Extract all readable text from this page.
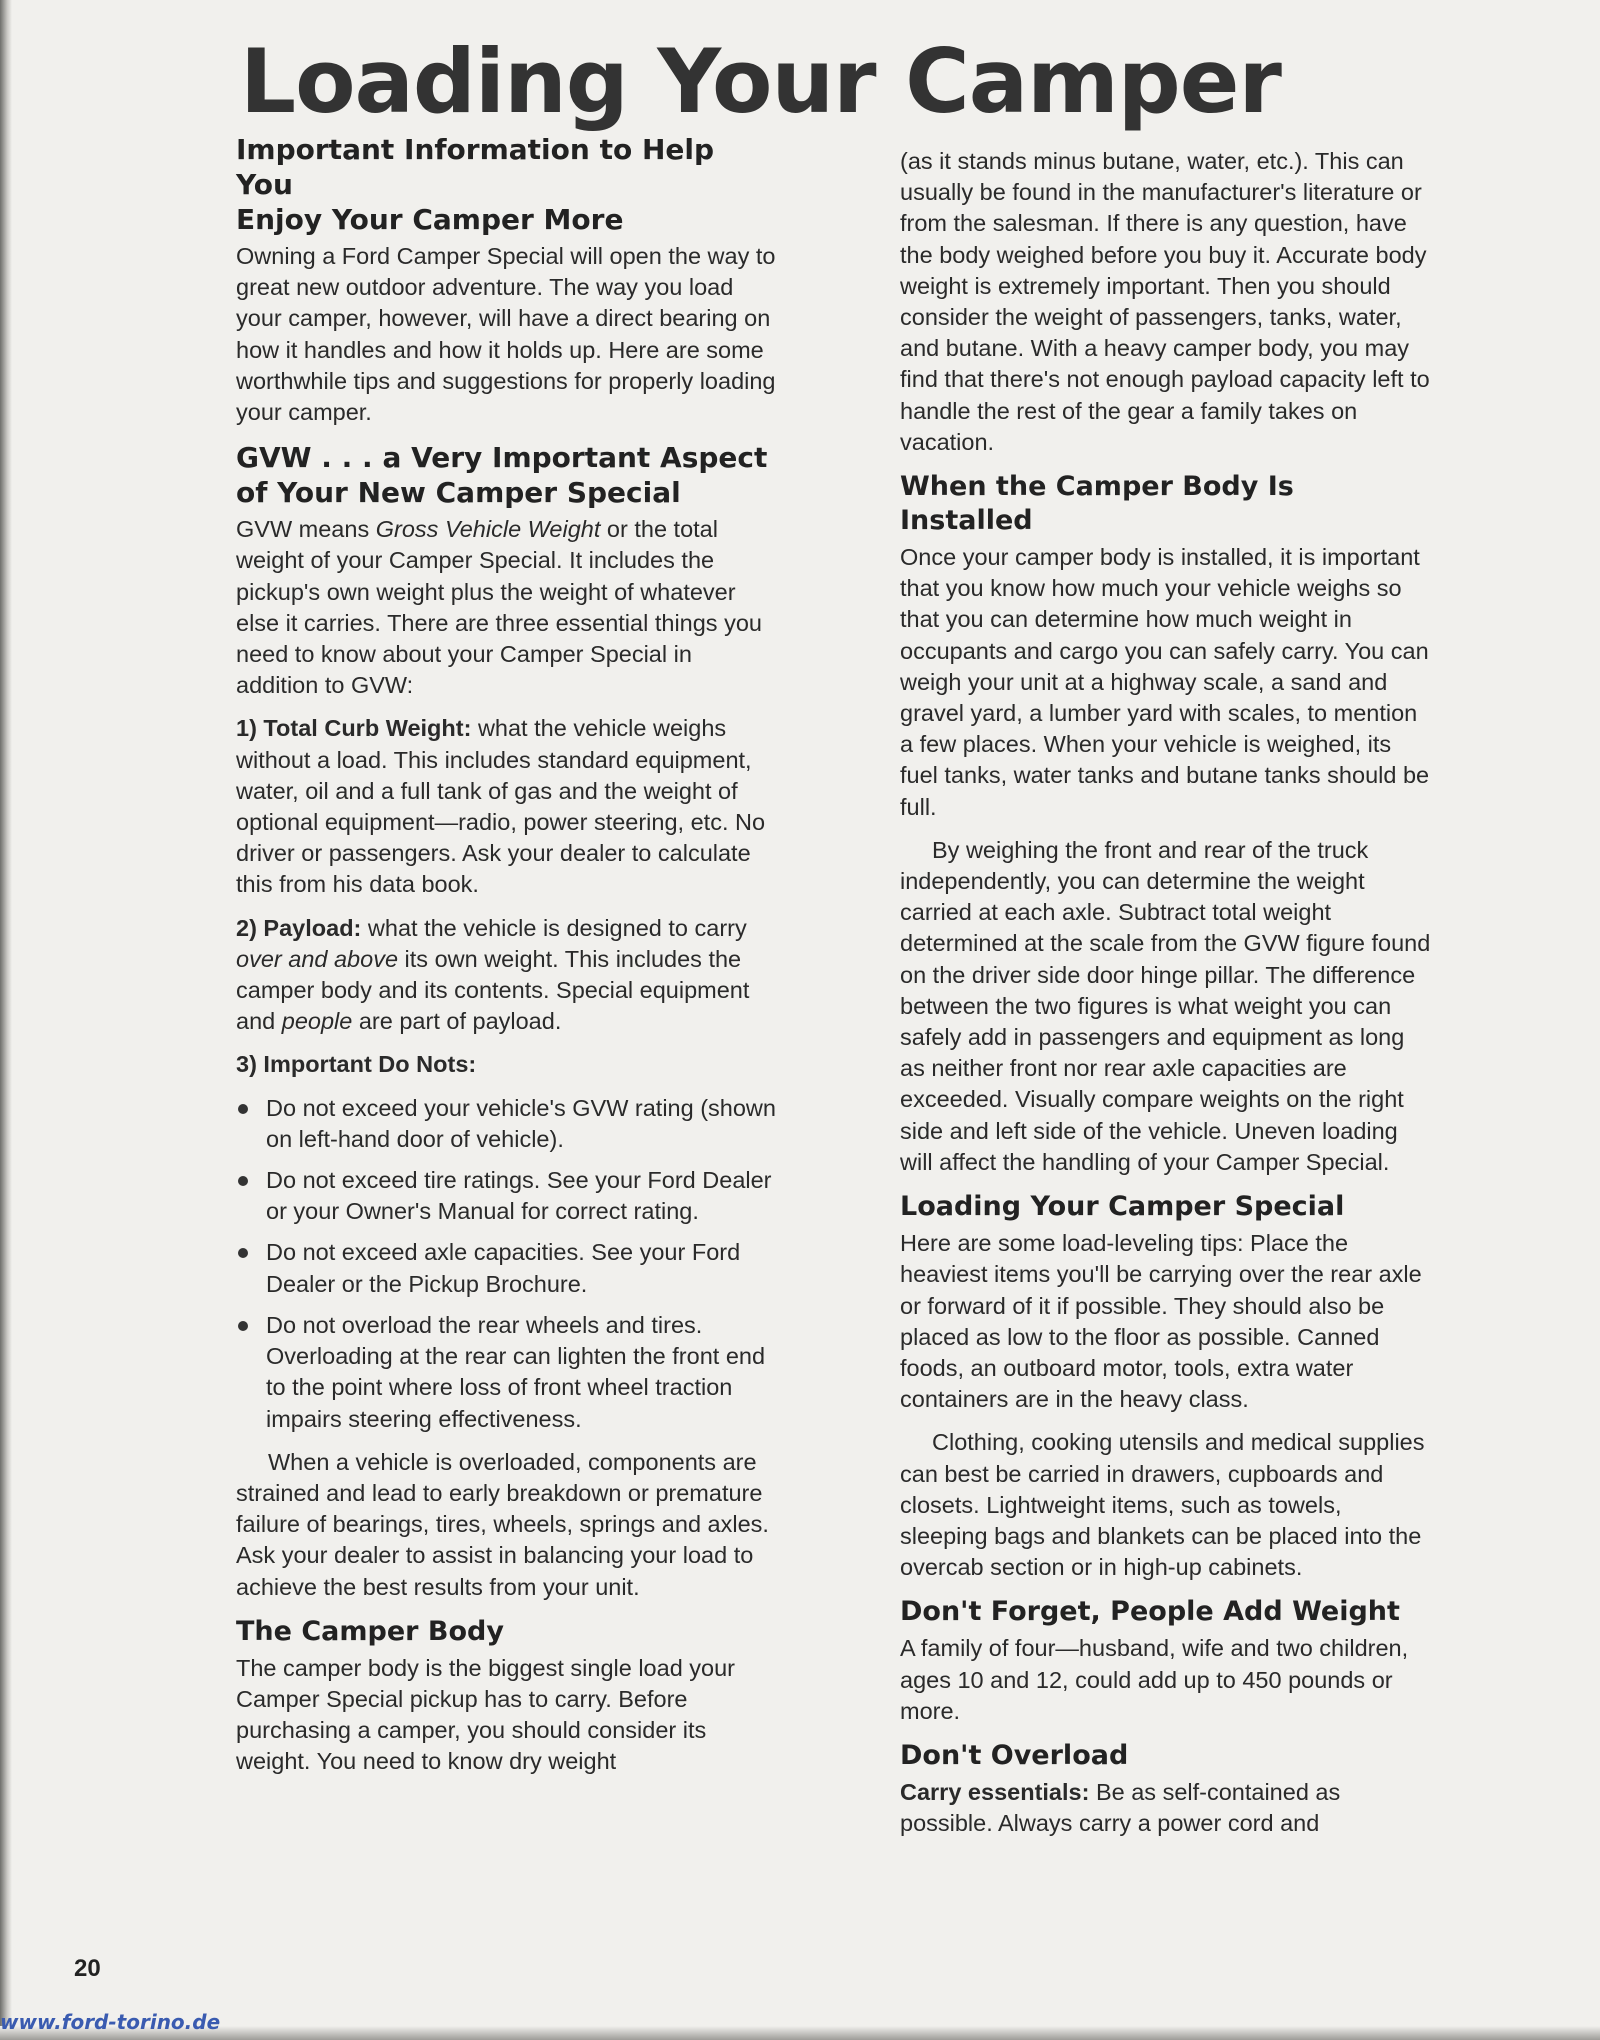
Loading Your Camper
Important Information to Help You
Enjoy Your Camper More

Owning a Ford Camper Special will open the way to great new outdoor adventure. The way you load your camper, however, will have a direct bearing on how it handles and how it holds up. Here are some worthwhile tips and suggestions for properly loading your camper.

GVW . . . a Very Important Aspect
of Your New Camper Special

GVW means Gross Vehicle Weight or the total weight of your Camper Special. It includes the pickup's own weight plus the weight of whatever else it carries. There are three essential things you need to know about your Camper Special in addition to GVW:

1) Total Curb Weight: what the vehicle weighs without a load. This includes standard equipment, water, oil and a full tank of gas and the weight of optional equipment—radio, power steering, etc. No driver or passengers. Ask your dealer to calculate this from his data book.

2) Payload: what the vehicle is designed to carry over and above its own weight. This includes the camper body and its contents. Special equipment and people are part of payload.

3) Important Do Nots:

Do not exceed your vehicle's GVW rating (shown on left-hand door of vehicle).
Do not exceed tire ratings. See your Ford Dealer or your Owner's Manual for correct rating.
Do not exceed axle capacities. See your Ford Dealer or the Pickup Brochure.
Do not overload the rear wheels and tires. Overloading at the rear can lighten the front end to the point where loss of front wheel traction impairs steering effectiveness.

When a vehicle is overloaded, components are strained and lead to early breakdown or premature failure of bearings, tires, wheels, springs and axles. Ask your dealer to assist in balancing your load to achieve the best results from your unit.

The Camper Body

The camper body is the biggest single load your Camper Special pickup has to carry. Before purchasing a camper, you should consider its weight. You need to know dry weight

(as it stands minus butane, water, etc.). This can usually be found in the manufacturer's literature or from the salesman. If there is any question, have the body weighed before you buy it. Accurate body weight is extremely important. Then you should consider the weight of passengers, tanks, water, and butane. With a heavy camper body, you may find that there's not enough payload capacity left to handle the rest of the gear a family takes on vacation.

When the Camper Body Is Installed

Once your camper body is installed, it is important that you know how much your vehicle weighs so that you can determine how much weight in occupants and cargo you can safely carry. You can weigh your unit at a highway scale, a sand and gravel yard, a lumber yard with scales, to mention a few places. When your vehicle is weighed, its fuel tanks, water tanks and butane tanks should be full.

By weighing the front and rear of the truck independently, you can determine the weight carried at each axle. Subtract total weight determined at the scale from the GVW figure found on the driver side door hinge pillar. The difference between the two figures is what weight you can safely add in passengers and equipment as long as neither front nor rear axle capacities are exceeded. Visually compare weights on the right side and left side of the vehicle. Uneven loading will affect the handling of your Camper Special.

Loading Your Camper Special

Here are some load-leveling tips: Place the heaviest items you'll be carrying over the rear axle or forward of it if possible. They should also be placed as low to the floor as possible. Canned foods, an outboard motor, tools, extra water containers are in the heavy class.

Clothing, cooking utensils and medical supplies can best be carried in drawers, cupboards and closets. Lightweight items, such as towels, sleeping bags and blankets can be placed into the overcab section or in high-up cabinets.

Don't Forget, People Add Weight

A family of four—husband, wife and two children, ages 10 and 12, could add up to 450 pounds or more.

Don't Overload

Carry essentials: Be as self-contained as possible. Always carry a power cord and

20
www.ford-torino.de
